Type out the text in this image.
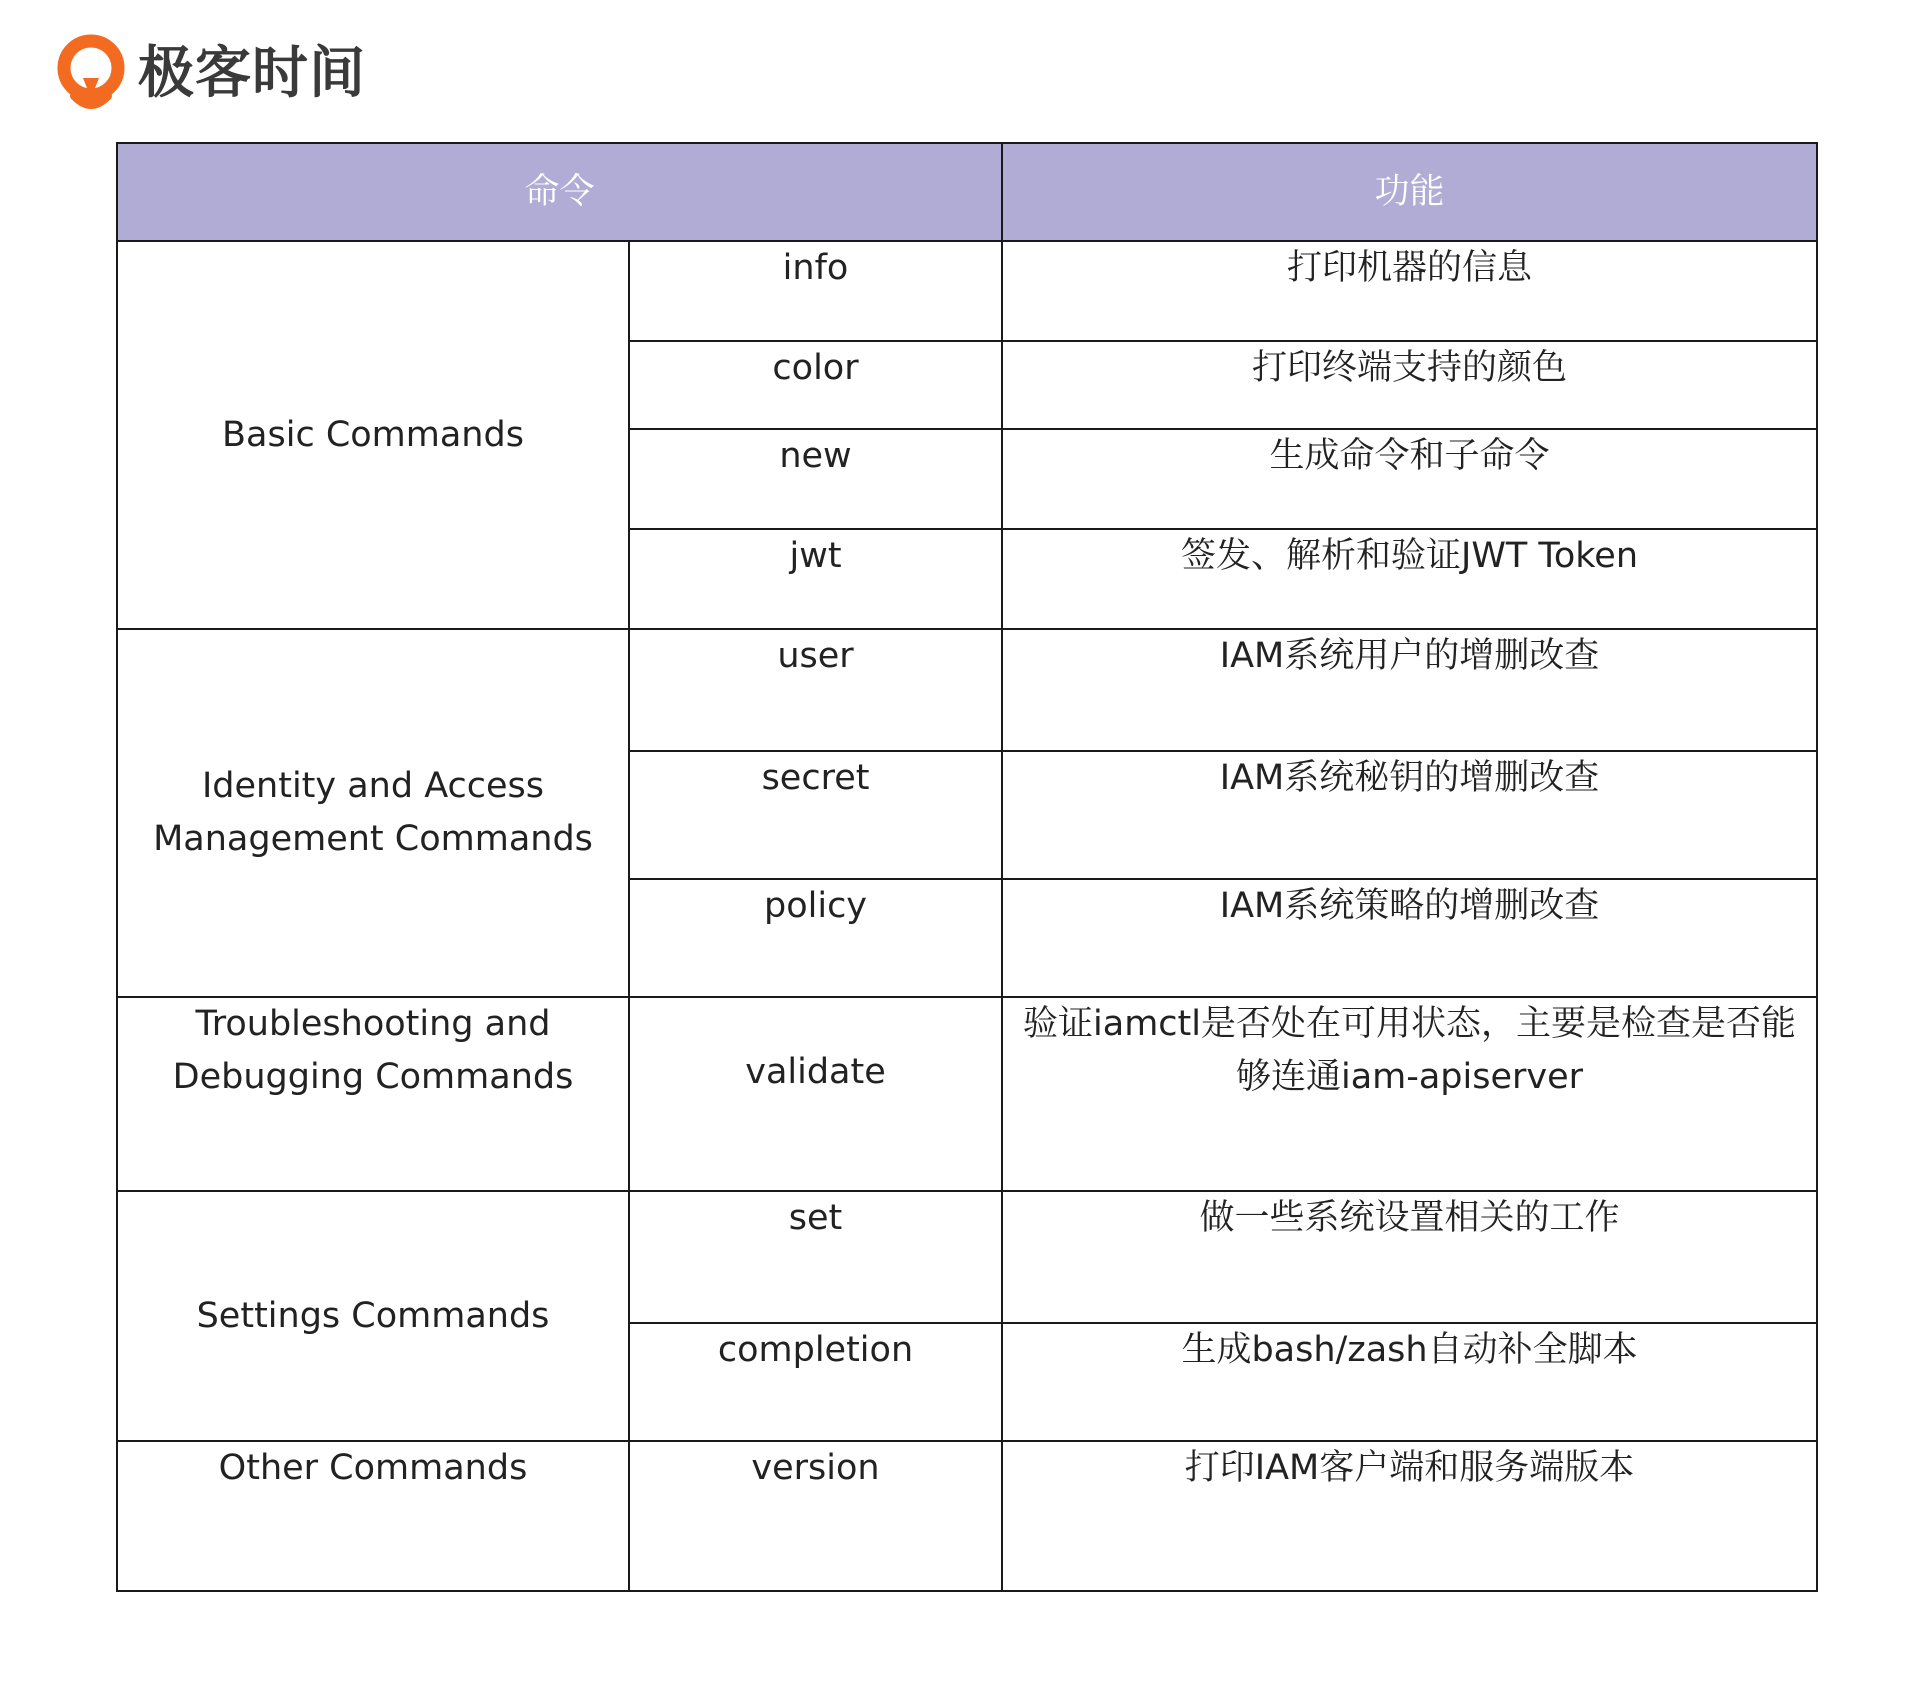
极客时间
命令		功能
Basic Commands	info	打印机器的信息
	color	打印终端支持的颜色
	new	生成命令和子命令
	jwt	签发、解析和验证JWT Token
Identity and Access Management Commands	user	IAM系统用户的增删改查
	secret	IAM系统秘钥的增删改查
	policy	IAM系统策略的增删改查
Troubleshooting and Debugging Commands	validate	验证iamctl是否处在可用状态，主要是检查是否能够连通iam-apiserver
Settings Commands	set	做一些系统设置相关的工作
	completion	生成bash/zash自动补全脚本
Other Commands	version	打印IAM客户端和服务端版本
